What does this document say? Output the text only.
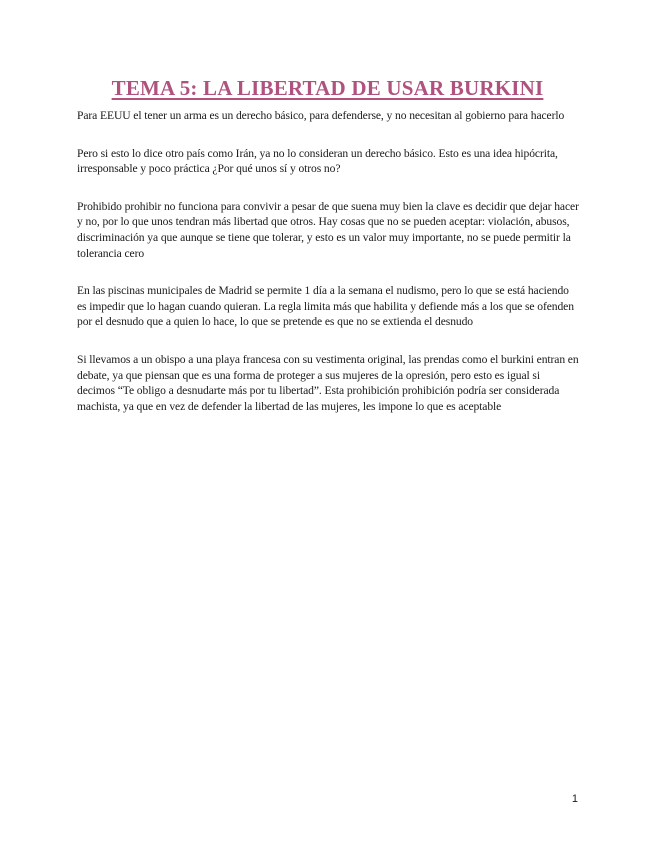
TEMA 5: LA LIBERTAD DE USAR BURKINI

Para EEUU el tener un arma es un derecho básico, para defenderse, y no necesitan al gobierno para hacerlo

Pero si esto lo dice otro país como Irán, ya no lo consideran un derecho básico. Esto es una idea hipócrita, irresponsable y poco práctica ¿Por qué unos sí y otros no?

Prohibido prohibir no funciona para convivir a pesar de que suena muy bien la clave es decidir que dejar hacer y no, por lo que unos tendran más libertad que otros. Hay cosas que no se pueden aceptar: violación, abusos, discriminación ya que aunque se tiene que tolerar, y esto es un valor muy importante, no se puede permitir la tolerancia cero

En las piscinas municipales de Madrid se permite 1 día a la semana el nudismo, pero lo que se está haciendo es impedir que lo hagan cuando quieran. La regla limita más que habilita y defiende más a los que se ofenden por el desnudo que a quien lo hace, lo que se pretende es que no se extienda el desnudo

Si llevamos a un obispo a una playa francesa con su vestimenta original, las prendas como el burkini entran en debate, ya que piensan que es una forma de proteger a sus mujeres de la opresión, pero esto es igual si decimos “Te obligo a desnudarte más por tu libertad”. Esta prohibición prohibición podría ser considerada machista, ya que en vez de defender la libertad de las mujeres, les impone lo que es aceptable

1
